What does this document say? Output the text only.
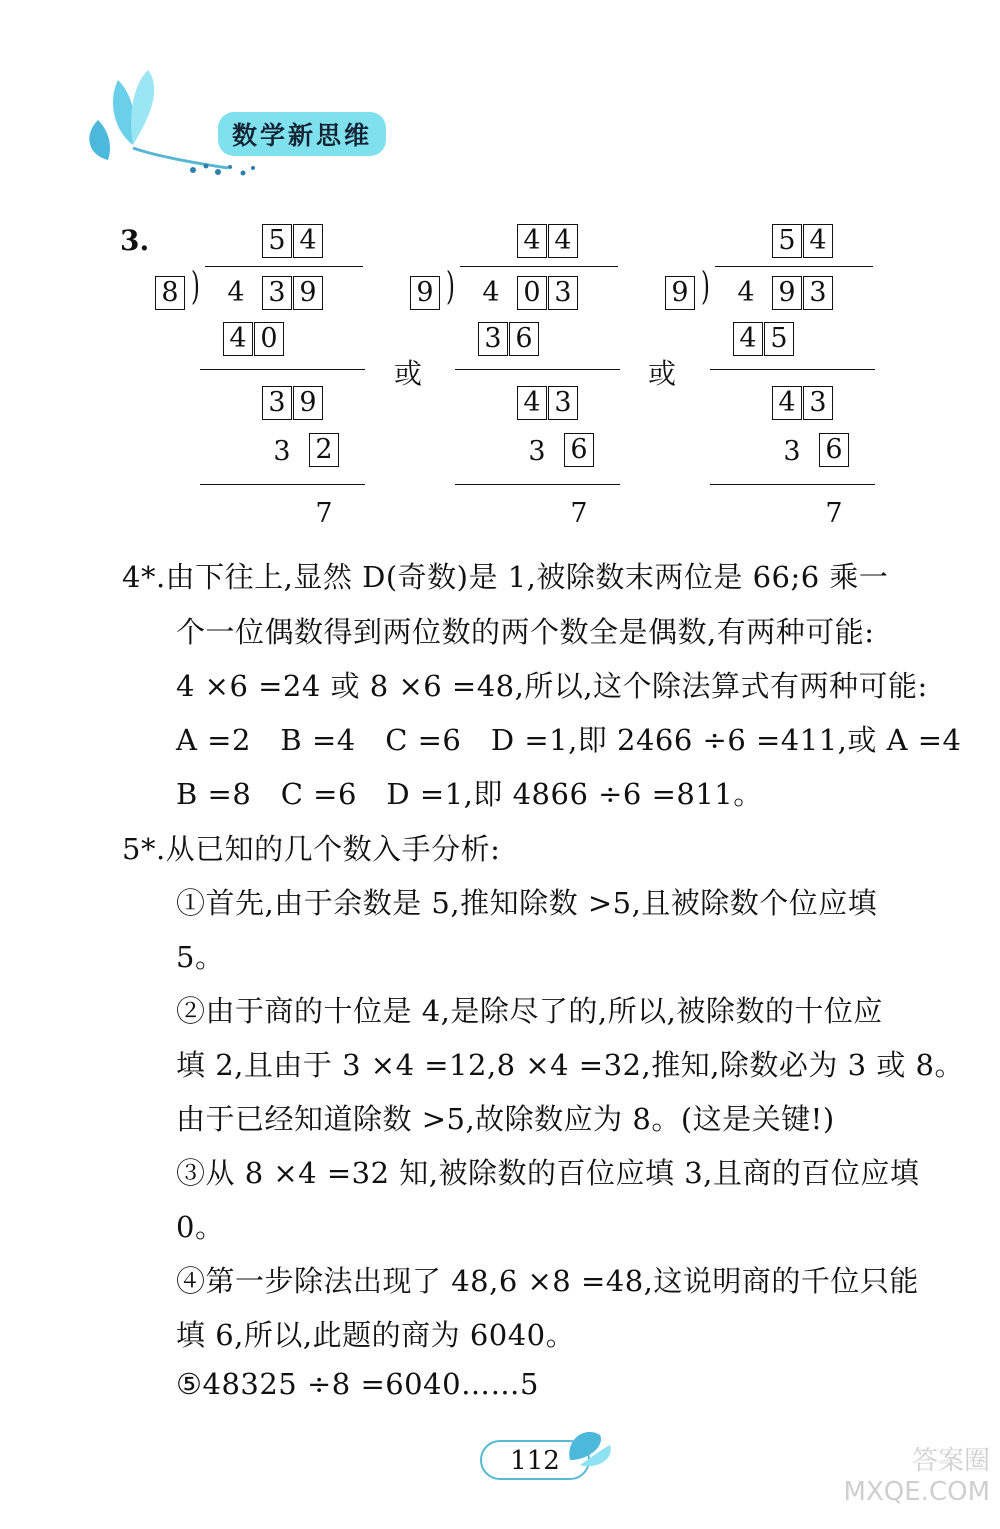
数学新思维
3.	5 4
8 ) 4 3 9
4 0
3 9
3 2
7
4 4
9 ) 4 0 3
3 6
4 3
3 6
7
5 4
9 ) 4 9 3
4 5
4 3
3 6
7
或	或
4*.由下往上,显然 D(奇数)是 1,被除数末两位是 66;6 乘一
个一位偶数得到两位数的两个数全是偶数,有两种可能:
4 ×6 =24 或 8 ×6 =48,所以,这个除法算式有两种可能:
A =2　B =4　C =6　D =1,即 2466 ÷6 =411,或 A =4
B =8　C =6　D =1,即 4866 ÷6 =811。
5*.从已知的几个数入手分析:
①首先,由于余数是 5,推知除数 >5,且被除数个位应填
5。
②由于商的十位是 4,是除尽了的,所以,被除数的十位应
填 2,且由于 3 ×4 =12,8 ×4 =32,推知,除数必为 3 或 8。
由于已经知道除数 >5,故除数应为 8。(这是关键!)
③从 8 ×4 =32 知,被除数的百位应填 3,且商的百位应填
0。
④第一步除法出现了 48,6 ×8 =48,这说明商的千位只能
填 6,所以,此题的商为 6040。
⑤48325 ÷8 =6040……5
112	答案圈 MXQE.COM
